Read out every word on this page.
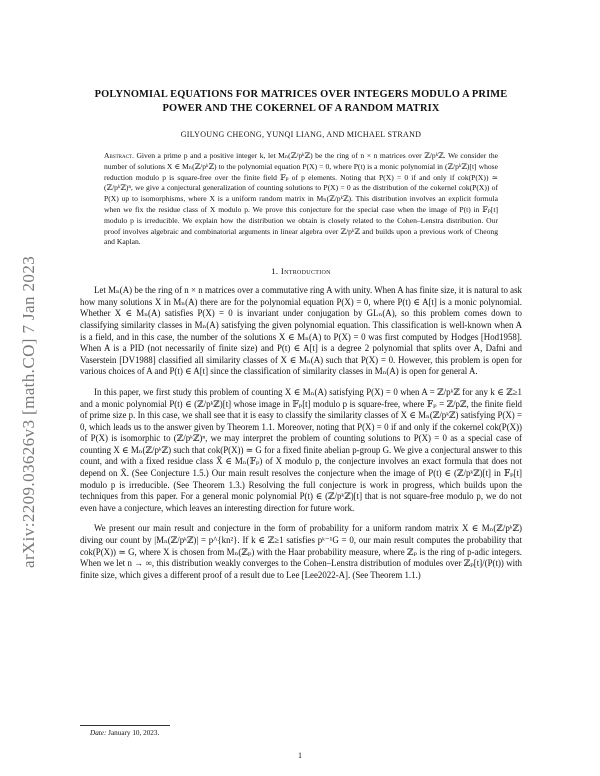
arXiv:2209.03626v3 [math.CO] 7 Jan 2023
POLYNOMIAL EQUATIONS FOR MATRICES OVER INTEGERS MODULO A PRIME POWER AND THE COKERNEL OF A RANDOM MATRIX
GILYOUNG CHEONG, YUNQI LIANG, AND MICHAEL STRAND
Abstract. Given a prime p and a positive integer k, let Mₙ(ℤ/pᵏℤ) be the ring of n × n matrices over ℤ/pᵏℤ. We consider the number of solutions X ∈ Mₙ(ℤ/pᵏℤ) to the polynomial equation P(X) = 0, where P(t) is a monic polynomial in (ℤ/pᵏℤ)[t] whose reduction modulo p is square-free over the finite field 𝔽ₚ of p elements. Noting that P(X) = 0 if and only if cok(P(X)) ≃ (ℤ/pᵏℤ)ⁿ, we give a conjectural generalization of counting solutions to P(X) = 0 as the distribution of the cokernel cok(P(X)) of P(X) up to isomorphisms, where X is a uniform random matrix in Mₙ(ℤ/pᵏℤ). This distribution involves an explicit formula when we fix the residue class of X modulo p. We prove this conjecture for the special case when the image of P(t) in 𝔽ₚ[t] modulo p is irreducible. We explain how the distribution we obtain is closely related to the Cohen–Lenstra distribution. Our proof involves algebraic and combinatorial arguments in linear algebra over ℤ/pᵏℤ and builds upon a previous work of Cheong and Kaplan.
1. Introduction

Let Mₙ(A) be the ring of n × n matrices over a commutative ring A with unity. When A has finite size, it is natural to ask how many solutions X in Mₙ(A) there are for the polynomial equation P(X) = 0, where P(t) ∈ A[t] is a monic polynomial. Whether X ∈ Mₙ(A) satisfies P(X) = 0 is invariant under conjugation by GLₙ(A), so this problem comes down to classifying similarity classes in Mₙ(A) satisfying the given polynomial equation. This classification is well-known when A is a field, and in this case, the number of the solutions X ∈ Mₙ(A) to P(X) = 0 was first computed by Hodges [Hod1958]. When A is a PID (not necessarily of finite size) and P(t) ∈ A[t] is a degree 2 polynomial that splits over A, Dafni and Vaserstein [DV1988] classified all similarity classes of X ∈ Mₙ(A) such that P(X) = 0. However, this problem is open for various choices of A and P(t) ∈ A[t] since the classification of similarity classes in Mₙ(A) is open for general A.

In this paper, we first study this problem of counting X ∈ Mₙ(A) satisfying P(X) = 0 when A = ℤ/pᵏℤ for any k ∈ ℤ≥1 and a monic polynomial P(t) ∈ (ℤ/pᵏℤ)[t] whose image in 𝔽ₚ[t] modulo p is square-free, where 𝔽ₚ = ℤ/pℤ, the finite field of prime size p. In this case, we shall see that it is easy to classify the similarity classes of X ∈ Mₙ(ℤ/pᵏℤ) satisfying P(X) = 0, which leads us to the answer given by Theorem 1.1. Moreover, noting that P(X) = 0 if and only if the cokernel cok(P(X)) of P(X) is isomorphic to (ℤ/pᵏℤ)ⁿ, we may interpret the problem of counting solutions to P(X) = 0 as a special case of counting X ∈ Mₙ(ℤ/pᵏℤ) such that cok(P(X)) ≃ G for a fixed finite abelian p-group G. We give a conjectural answer to this count, and with a fixed residue class X̄ ∈ Mₙ(𝔽ₚ) of X modulo p, the conjecture involves an exact formula that does not depend on X̄. (See Conjecture 1.5.) Our main result resolves the conjecture when the image of P(t) ∈ (ℤ/pᵏℤ)[t] in 𝔽ₚ[t] modulo p is irreducible. (See Theorem 1.3.) Resolving the full conjecture is work in progress, which builds upon the techniques from this paper. For a general monic polynomial P(t) ∈ (ℤ/pᵏℤ)[t] that is not square-free modulo p, we do not even have a conjecture, which leaves an interesting direction for future work.

We present our main result and conjecture in the form of probability for a uniform random matrix X ∈ Mₙ(ℤ/pᵏℤ) diving our count by |Mₙ(ℤ/pᵏℤ)| = p^{kn²}. If k ∈ ℤ≥1 satisfies pᵏ⁻¹G = 0, our main result computes the probability that cok(P(X)) ≃ G, where X is chosen from Mₙ(ℤₚ) with the Haar probability measure, where ℤₚ is the ring of p-adic integers. When we let n → ∞, this distribution weakly converges to the Cohen–Lenstra distribution of modules over ℤₚ[t]/(P(t)) with finite size, which gives a different proof of a result due to Lee [Lee2022-A]. (See Theorem 1.1.)

Date: January 10, 2023.
1
